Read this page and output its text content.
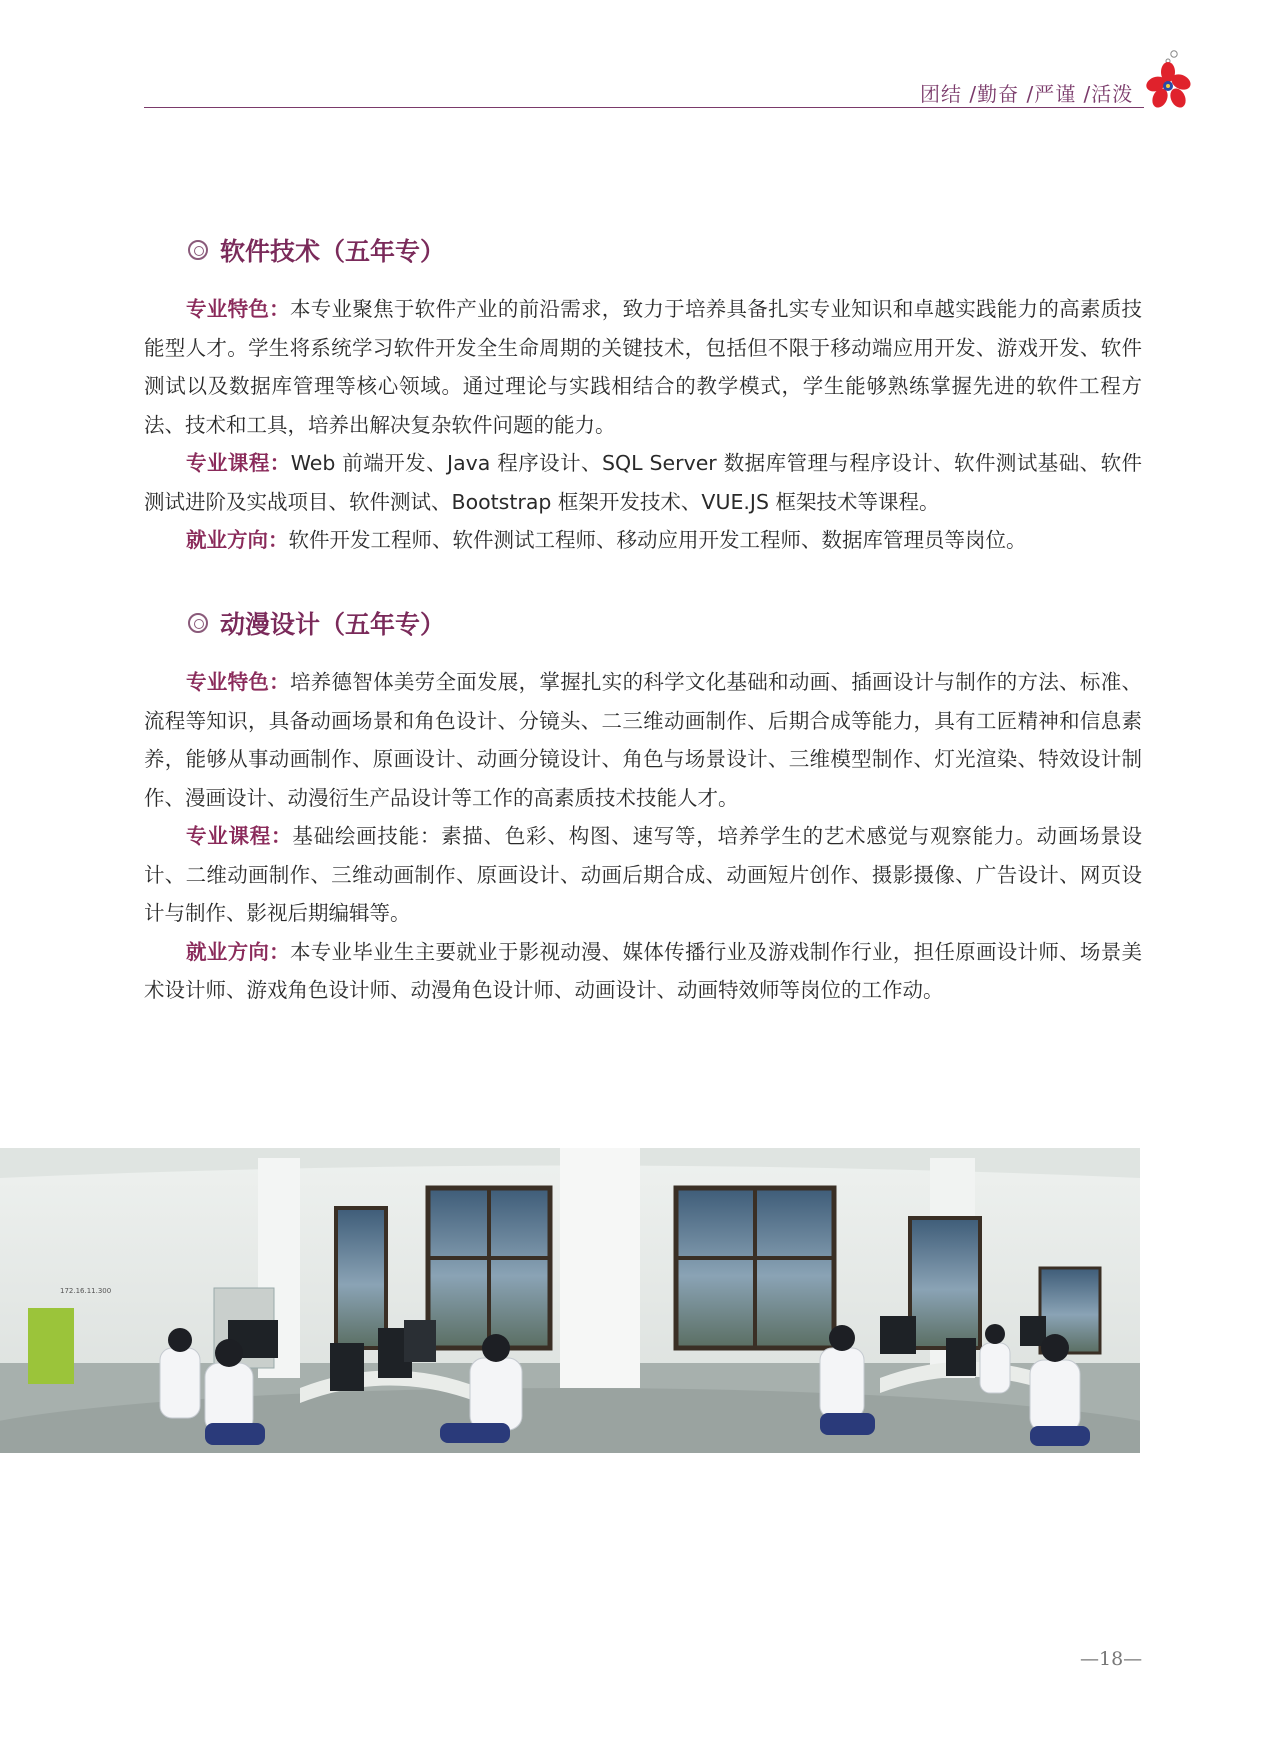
团结 /勤奋 /严谨 /活泼
软件技术（五年专）

专业特色：本专业聚焦于软件产业的前沿需求，致力于培养具备扎实专业知识和卓越实践能力的高素质技能型人才。学生将系统学习软件开发全生命周期的关键技术，包括但不限于移动端应用开发、游戏开发、软件测试以及数据库管理等核心领域。通过理论与实践相结合的教学模式，学生能够熟练掌握先进的软件工程方法、技术和工具，培养出解决复杂软件问题的能力。

专业课程：Web 前端开发、Java 程序设计、SQL Server 数据库管理与程序设计、软件测试基础、软件测试进阶及实战项目、软件测试、Bootstrap 框架开发技术、VUE.JS 框架技术等课程。

就业方向：软件开发工程师、软件测试工程师、移动应用开发工程师、数据库管理员等岗位。

动漫设计（五年专）

专业特色：培养德智体美劳全面发展，掌握扎实的科学文化基础和动画、插画设计与制作的方法、标准、流程等知识，具备动画场景和角色设计、分镜头、二三维动画制作、后期合成等能力，具有工匠精神和信息素养，能够从事动画制作、原画设计、动画分镜设计、角色与场景设计、三维模型制作、灯光渲染、特效设计制作、漫画设计、动漫衍生产品设计等工作的高素质技术技能人才。

专业课程：基础绘画技能：素描、色彩、构图、速写等，培养学生的艺术感觉与观察能力。动画场景设计、二维动画制作、三维动画制作、原画设计、动画后期合成、动画短片创作、摄影摄像、广告设计、网页设计与制作、影视后期编辑等。

就业方向：本专业毕业生主要就业于影视动漫、媒体传播行业及游戏制作行业，担任原画设计师、场景美术设计师、游戏角色设计师、动漫角色设计师、动画设计、动画特效师等岗位的工作动。

172.16.11.300
—18—
